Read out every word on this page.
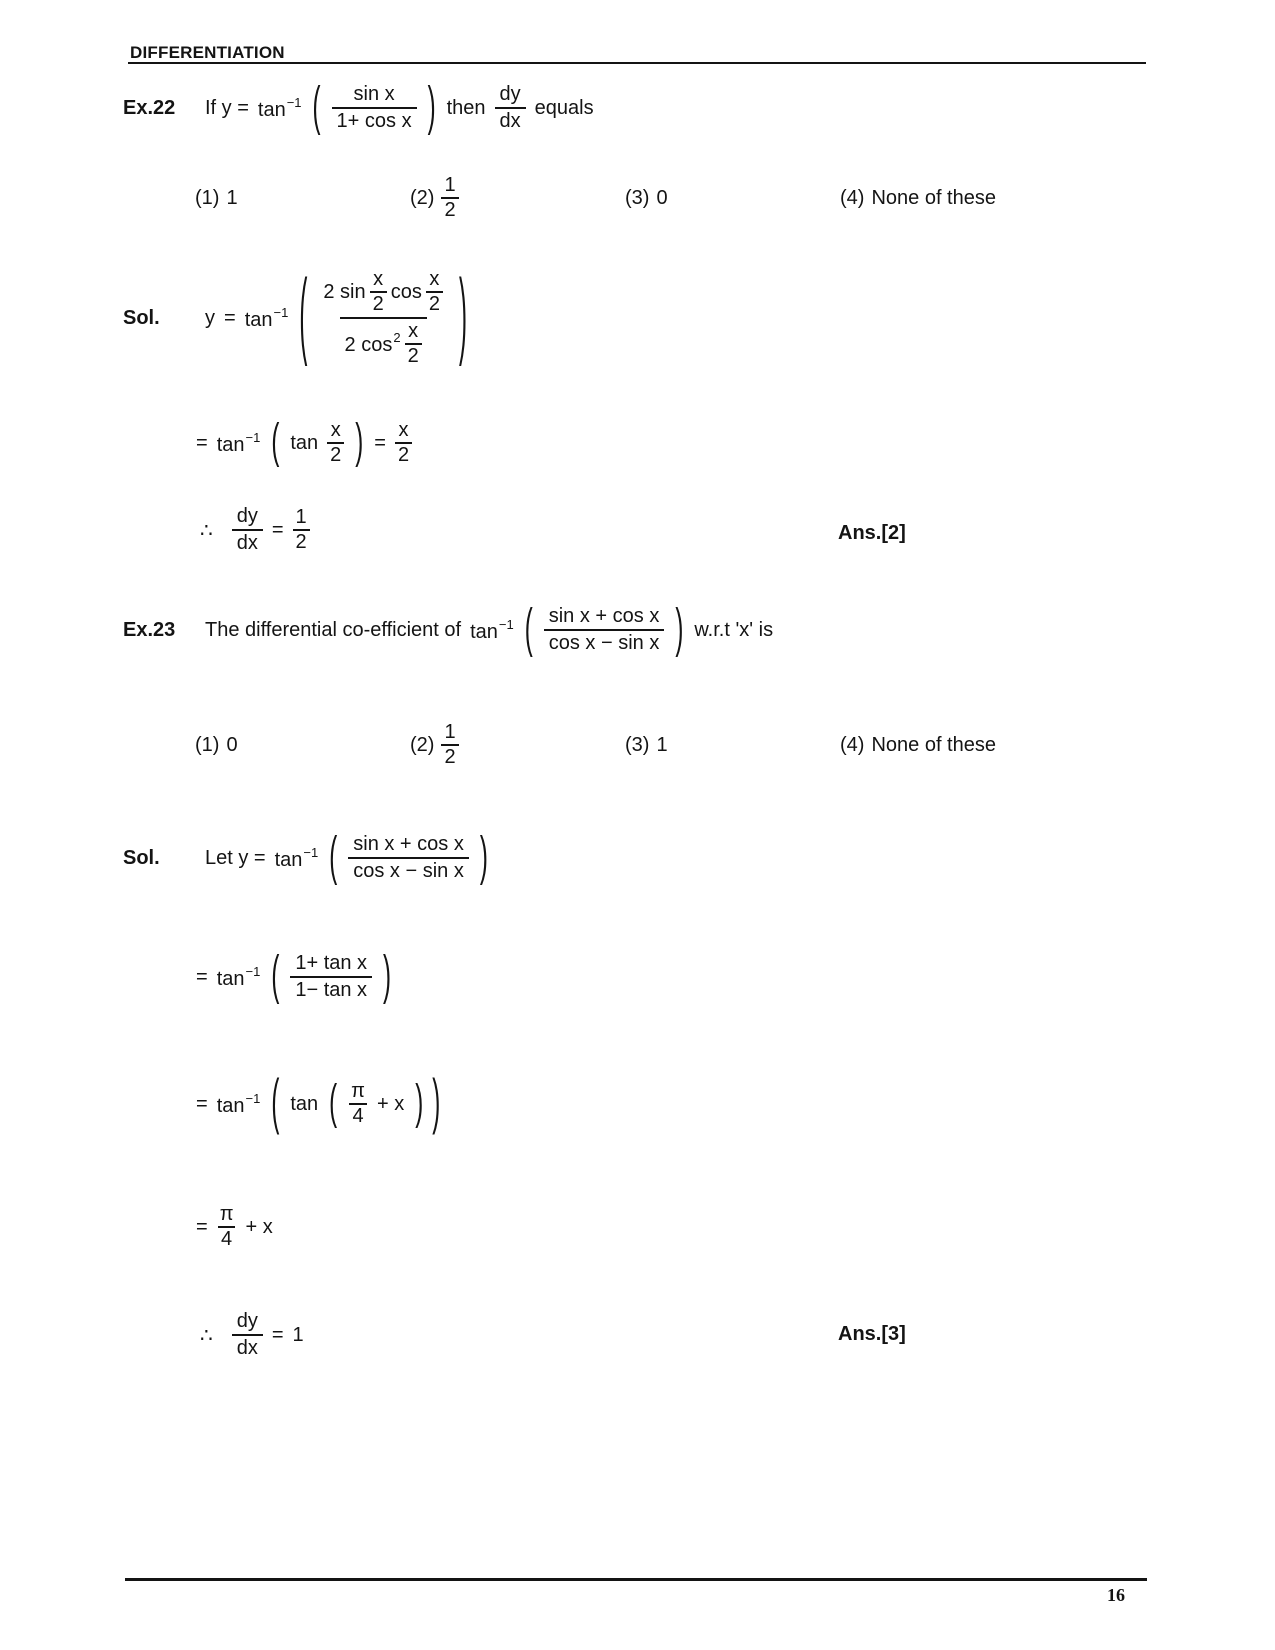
DIFFERENTIATION
Ex.22	If $y = \tan^{-1}$ ( $\frac{\text{sin x}}{\text{1+ cos x}}$ ) then $\frac{dy}{dx}$ equals
(1) 1	$(2) \frac{1}{2}$	(3) 0	(4) None of these
Sol.	$y = \tan^{-1}$ ( 2 $\sin \frac{x}{2}$ $\cos \frac{x}{2}$
2 $\cos^2 \frac{x}{2}$ )
= $\tan^{-1}$ ( $\tan \frac{x}{2}$ ) = $\frac{x}{2}$
∴ $\frac{dy}{dx} = \frac{1}{2}$	Ans.[2]
Ex.23	The differential co-efficient of $\tan^{-1}$ ( $\frac{\text{sin x + cos x}}{\text{cos x − sin x}}$ ) w.r.t 'x' is
(1) 0	$(2) \frac{1}{2}$	(3) 1	(4) None of these
Sol.	Let $y = \tan^{-1}$ ( $\frac{\text{sin x + cos x}}{\text{cos x − sin x}}$ )
= $\tan^{-1}$ ( $\frac{\text{1+ tan x}}{\text{1− tan x}}$ )
= $\tan^{-1}$ ( tan ( $\frac{\pi}{4} + x$ ) )
= $\frac{\pi}{4} + x$
∴ $\frac{dy}{dx} = 1$	Ans.[3]
16
